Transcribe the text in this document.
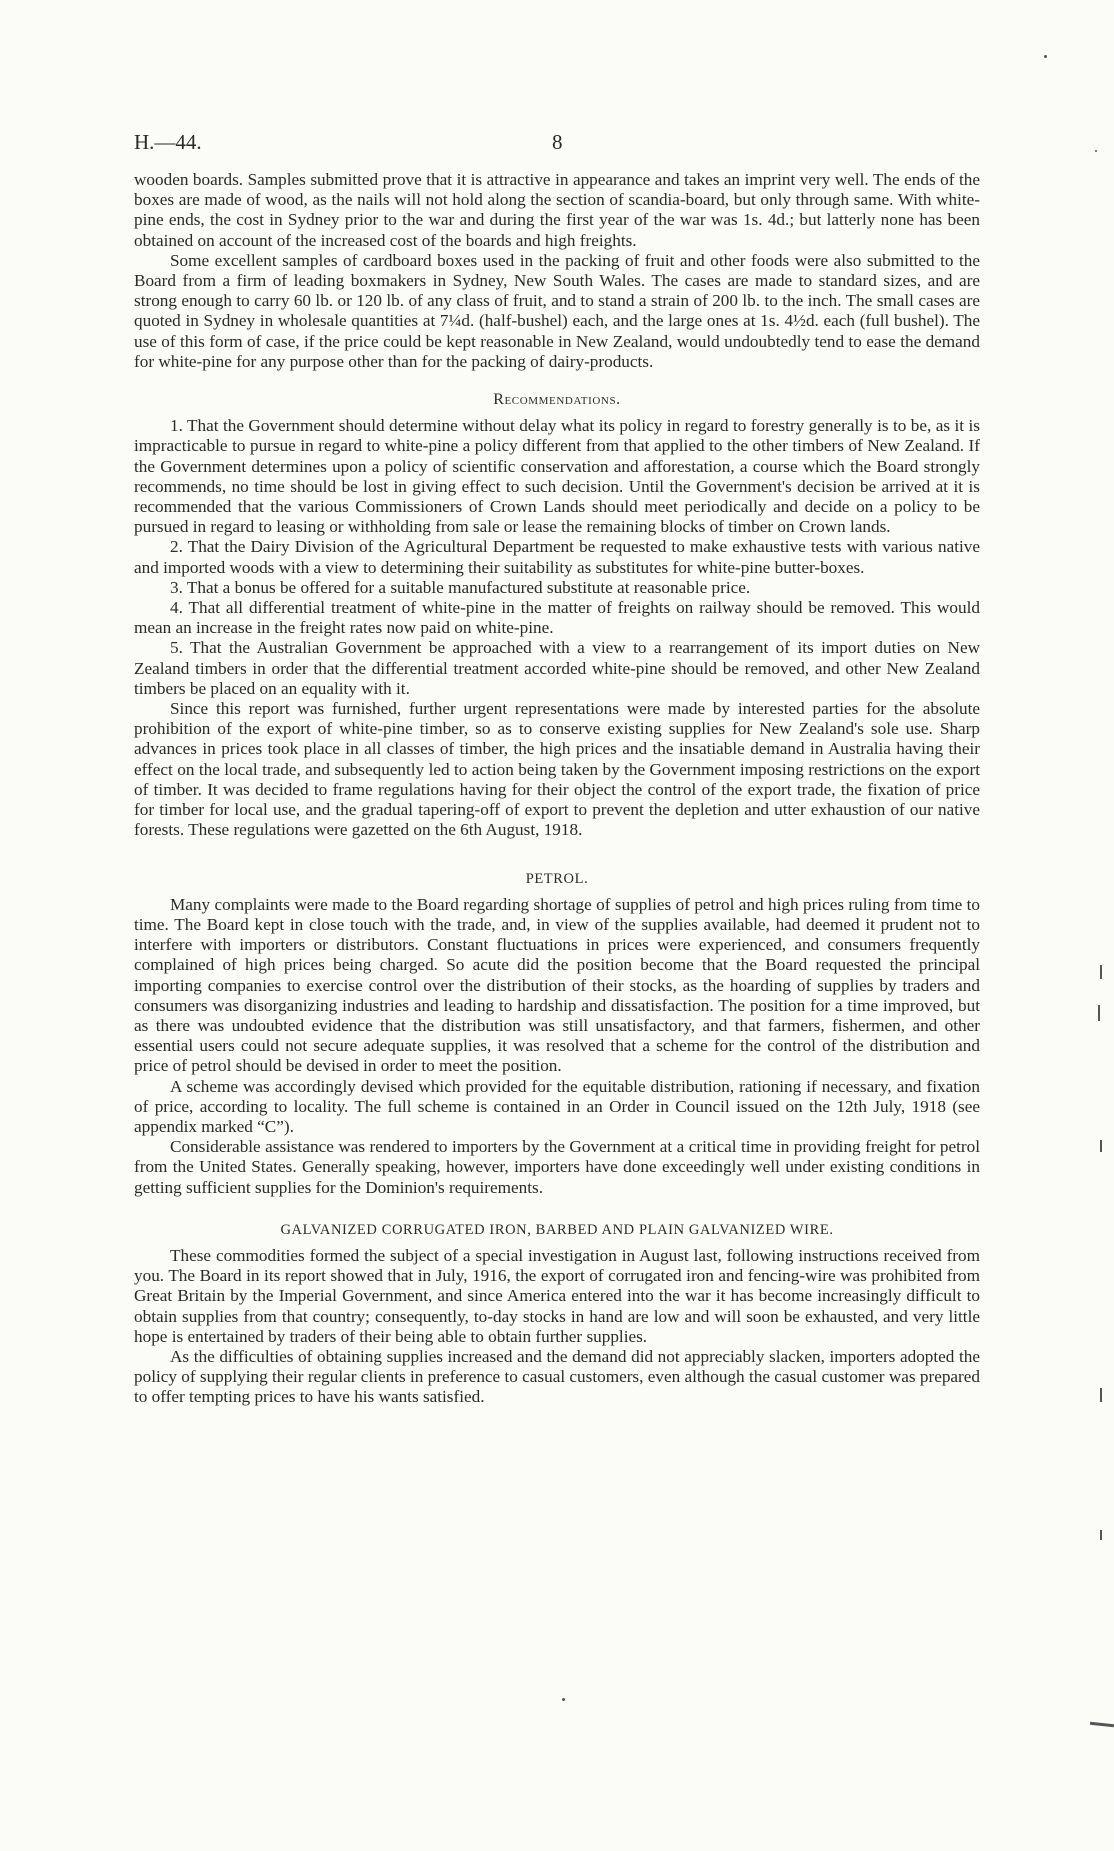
H.—44.	8

wooden boards. Samples submitted prove that it is attractive in appearance and takes an imprint very well. The ends of the boxes are made of wood, as the nails will not hold along the section of scandia-board, but only through same. With white-pine ends, the cost in Sydney prior to the war and during the first year of the war was 1s. 4d.; but latterly none has been obtained on account of the increased cost of the boards and high freights.

Some excellent samples of cardboard boxes used in the packing of fruit and other foods were also submitted to the Board from a firm of leading boxmakers in Sydney, New South Wales. The cases are made to standard sizes, and are strong enough to carry 60 lb. or 120 lb. of any class of fruit, and to stand a strain of 200 lb. to the inch. The small cases are quoted in Sydney in wholesale quantities at 7¼d. (half-bushel) each, and the large ones at 1s. 4½d. each (full bushel). The use of this form of case, if the price could be kept reasonable in New Zealand, would undoubtedly tend to ease the demand for white-pine for any purpose other than for the packing of dairy-products.

Recommendations.

1. That the Government should determine without delay what its policy in regard to forestry generally is to be, as it is impracticable to pursue in regard to white-pine a policy different from that applied to the other timbers of New Zealand. If the Government determines upon a policy of scientific conservation and afforestation, a course which the Board strongly recommends, no time should be lost in giving effect to such decision. Until the Government's decision be arrived at it is recommended that the various Commissioners of Crown Lands should meet periodically and decide on a policy to be pursued in regard to leasing or withholding from sale or lease the remaining blocks of timber on Crown lands.

2. That the Dairy Division of the Agricultural Department be requested to make exhaustive tests with various native and imported woods with a view to determining their suitability as substitutes for white-pine butter-boxes.

3. That a bonus be offered for a suitable manufactured substitute at reasonable price.

4. That all differential treatment of white-pine in the matter of freights on railway should be removed. This would mean an increase in the freight rates now paid on white-pine.

5. That the Australian Government be approached with a view to a rearrangement of its import duties on New Zealand timbers in order that the differential treatment accorded white-pine should be removed, and other New Zealand timbers be placed on an equality with it.

Since this report was furnished, further urgent representations were made by interested parties for the absolute prohibition of the export of white-pine timber, so as to conserve existing supplies for New Zealand's sole use. Sharp advances in prices took place in all classes of timber, the high prices and the insatiable demand in Australia having their effect on the local trade, and subsequently led to action being taken by the Government imposing restrictions on the export of timber. It was decided to frame regulations having for their object the control of the export trade, the fixation of price for timber for local use, and the gradual tapering-off of export to prevent the depletion and utter exhaustion of our native forests. These regulations were gazetted on the 6th August, 1918.

PETROL.

Many complaints were made to the Board regarding shortage of supplies of petrol and high prices ruling from time to time. The Board kept in close touch with the trade, and, in view of the supplies available, had deemed it prudent not to interfere with importers or distributors. Constant fluctuations in prices were experienced, and consumers frequently complained of high prices being charged. So acute did the position become that the Board requested the principal importing companies to exercise control over the distribution of their stocks, as the hoarding of supplies by traders and consumers was disorganizing industries and leading to hardship and dissatisfaction. The position for a time improved, but as there was undoubted evidence that the distribution was still unsatisfactory, and that farmers, fishermen, and other essential users could not secure adequate supplies, it was resolved that a scheme for the control of the distribution and price of petrol should be devised in order to meet the position.

A scheme was accordingly devised which provided for the equitable distribution, rationing if necessary, and fixation of price, according to locality. The full scheme is contained in an Order in Council issued on the 12th July, 1918 (see appendix marked “C”).

Considerable assistance was rendered to importers by the Government at a critical time in providing freight for petrol from the United States. Generally speaking, however, importers have done exceedingly well under existing conditions in getting sufficient supplies for the Dominion's requirements.

GALVANIZED CORRUGATED IRON, BARBED AND PLAIN GALVANIZED WIRE.

These commodities formed the subject of a special investigation in August last, following instructions received from you. The Board in its report showed that in July, 1916, the export of corrugated iron and fencing-wire was prohibited from Great Britain by the Imperial Government, and since America entered into the war it has become increasingly difficult to obtain supplies from that country; consequently, to-day stocks in hand are low and will soon be exhausted, and very little hope is entertained by traders of their being able to obtain further supplies.

As the difficulties of obtaining supplies increased and the demand did not appreciably slacken, importers adopted the policy of supplying their regular clients in preference to casual customers, even although the casual customer was prepared to offer tempting prices to have his wants satisfied.
